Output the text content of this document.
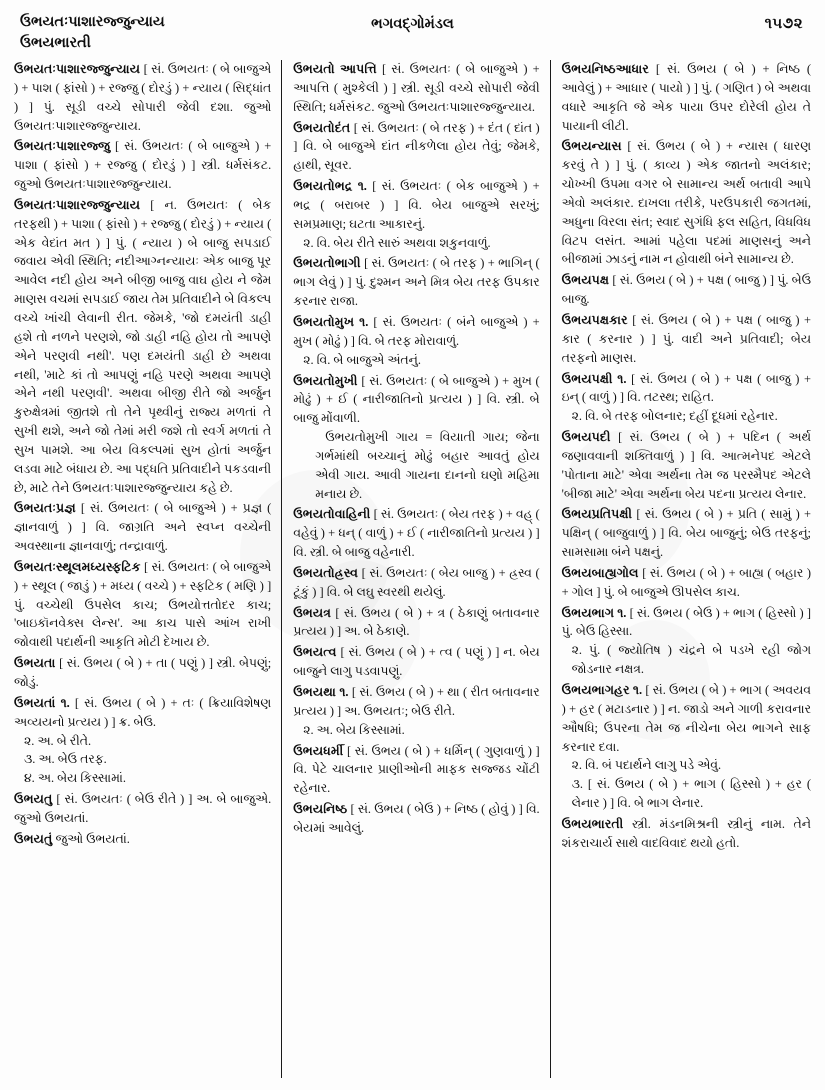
ઉભયતઃપાશારજ્જુન્યાય
ઉભયભારતી
ભગવદ્ગોમંડલ	૧૫૭૨

ઉભયતઃપાશારજ્જુન્યાય [ સં. ઉભયતઃ ( બે બાજુએ ) + પાશ ( ફાંસો ) + રજ્જુ ( દોરડું ) + ન્યાય ( સિદ્ધાંત ) ] પું. સૂડી વચ્ચે સોપારી જેવી દશા. જુઓ ઉભયતઃપાશારજ્જુન્યાય.

ઉભયતઃપાશારજ્જુ [ સં. ઉભયતઃ ( બે બાજુએ ) + પાશા ( ફાંસો ) + રજ્જુ ( દોરડું ) ] સ્ત્રી. ધર્મસંકટ. જુઓ ઉભયતઃપાશારજ્જુન્યાય.

ઉભયતઃપાશારજ્જુન્યાય [ ન. ઉભયતઃ ( બેક તરફથી ) + પાશા ( ફાંસો ) + રજ્જુ ( દોરડું ) + ન્યાય ( એક વેદાંત મત ) ] પું. ( ન્યાય ) બે બાજુ સપડાઈ જવાય એવી સ્થિતિ; નદીઆગ્નન્યાયઃ એક બાજુ પૂર આવેલ નદી હોય અને બીજી બાજુ વાઘ હોય ને જેમ માણસ વચમાં સપડાઈ જાય તેમ પ્રતિવાદીને બે વિકલ્પ વચ્ચે ખાંચી લેવાની રીત. જેમકે, 'જો દમયંતી ડાહી હશે તો નળને પરણશે, જો ડાહી નહિ હોય તો આપણે એને પરણવી નથી'. પણ દમયંતી ડાહી છે અથવા નથી, 'માટે કાં તો આપણું નહિ પરણે અથવા આપણે એને નથી પરણવી'. અથવા બીજી રીતે જો અર્જુન કુરુક્ષેત્રમાં જીતશે તો તેને પૃથ્વીનું રાજ્ય મળતાં તે સુખી થશે, અને જો તેમાં મરી જશે તો સ્વર્ગ મળતાં તે સુખ પામશે. આ બેય વિકલ્પમાં સુખ હોતાં અર્જુન લડવા માટે બંધાય છે. આ પદ્ધતિ પ્રતિવાદીને પકડવાની છે, માટે તેને ઉભયતઃપાશારજ્જુન્યાય કહે છે.

ઉભયતઃપ્રજ્ઞ [ સં. ઉભયતઃ ( બે બાજુએ ) + પ્રજ્ઞ ( જ્ઞાનવાળું ) ] વિ. જાગ્રતિ અને સ્વપ્ન વચ્ચેની અવસ્થાના જ્ઞાનવાળું; તન્દ્રાવાળું.

ઉભયતઃસ્થૂલમધ્યસ્ફટિક [ સં. ઉભયતઃ ( બે બાજુએ ) + સ્થૂલ ( જાડું ) + મધ્ય ( વચ્ચે ) + સ્ફટિક ( મણિ ) ] પું. વચ્ચેથી ઉપસેલ કાચ; ઉભયોત્તતોદર કાચ; 'બાઇકૉનવેક્સ લેન્સ'. આ કાચ પાસે આંખ રાખી જોવાથી પદાર્થની આકૃતિ મોટી દેખાય છે.

ઉભયતા [ સં. ઉભય ( બે ) + તા ( પણું ) ] સ્ત્રી. બેપણું; જોડું.

ઉભયતાં ૧. [ સં. ઉભય ( બે ) + તઃ ( ક્રિયાવિશેષણ અવ્યયનો પ્રત્યય ) ] ક્ર. બેઉ.

૨. અ. બે રીતે.

૩. અ. બેઉ તરફ.

૪. અ. બેય કિસ્સામાં.

ઉભયતુ [ સં. ઉભયતઃ ( બેઉ રીતે ) ] અ. બે બાજુએ. જુઓ ઉભયતાં.

ઉભયતું જુઓ ઉભયતાં.

ઉભયતો આપત્તિ [ સં. ઉભયતઃ ( બે બાજુએ ) + આપત્તિ ( મુશ્કેલી ) ] સ્ત્રી. સૂડી વચ્ચે સોપારી જેવી સ્થિતિ; ધર્મસંકટ. જુઓ ઉભયતઃપાશારજ્જુન્યાય.

ઉભયતોદંત [ સં. ઉભયતઃ ( બે તરફ ) + દંત ( દાંત ) ] વિ. બે બાજુએ દાંત નીકળેલા હોય તેવું; જેમકે, હાથી, સૂવર.

ઉભયતોભદ્ર ૧. [ સં. ઉભયતઃ ( બેક બાજુએ ) + ભદ્ર ( બરાબર ) ] વિ. બેય બાજુએ સરખું; સમપ્રમાણ; ઘટતા આકારનું.

૨. વિ. બેય રીતે સારું અથવા શકુનવાળું.

ઉભયતોભાગી [ સં. ઉભયતઃ ( બે તરફ ) + ભાગિન્ ( ભાગ લેવું ) ] પું. દુશ્મન અને મિત્ર બેય તરફ ઉપકાર કરનાર રાજા.

ઉભયતોમુખ ૧. [ સં. ઉભયતઃ ( બંને બાજુએ ) + મુખ ( મોઢું ) ] વિ. બે તરફ મોરાવાળું.

૨. વિ. બે બાજુએ અંતનું.

ઉભયતોમુખી [ સં. ઉભયતઃ ( બે બાજુએ ) + મુખ ( મોઢું ) + ઈ ( નારીજાતિનો પ્રત્યય ) ] વિ. સ્ત્રી. બે બાજુ મોંવાળી.

ઉભયતોમુખી ગાય = વિયાતી ગાય; જેના ગર્ભમાંથી બચ્ચાનું મોઢું બહાર આવતું હોય એવી ગાય. આવી ગાયના દાનનો ઘણો મહિમા મનાય છે.

ઉભયતોવાહિની [ સં. ઉભયતઃ ( બેય તરફ ) + વહ્ ( વહેવું ) + ધન્ ( વાળું ) + ઈ ( નારીજાતિનો પ્રત્યય ) ] વિ. સ્ત્રી. બે બાજુ વહેનારી.

ઉભયતોહ્રસ્વ [ સં. ઉભયતઃ ( બેય બાજુ ) + હ્રસ્વ ( ટૂંકું ) ] વિ. બે લઘુ સ્વરથી થયેલું.

ઉભયત્ર [ સં. ઉભય ( બે ) + ત્ર ( ઠેકાણું બતાવનાર પ્રત્યય ) ] અ. બે ઠેકાણે.

ઉભયત્વ [ સં. ઉભય ( બે ) + ત્વ ( પણું ) ] ન. બેય બાજુને લાગુ પડવાપણું.

ઉભયથા ૧. [ સં. ઉભય ( બે ) + થા ( રીત બતાવનાર પ્રત્યય ) ] અ. ઉભયતઃ; બેઉ રીતે.

૨. અ. બેય કિસ્સામાં.

ઉભયધર્મી [ સં. ઉભય ( બે ) + ધર્મિન્ ( ગુણવાળું ) ] વિ. પેટે ચાલનાર પ્રાણીઓની માફક સજ્જડ ચોંટી રહેનાર.

ઉભયનિષ્ઠ [ સં. ઉભય ( બેઉ ) + નિષ્ઠ ( હોવું ) ] વિ. બેયમાં આવેલું.

ઉભયનિષ્ઠઆધાર [ સં. ઉભય ( બે ) + નિષ્ઠ ( આવેલું ) + આધાર ( પાયો ) ] પું. ( ગણિત ) બે અથવા વધારે આકૃતિ જે એક પાયા ઉપર દોરેલી હોય તે પાયાની લીટી.

ઉભયન્યાસ [ સં. ઉભય ( બે ) + ન્યાસ ( ધારણ કરવું તે ) ] પું. ( કાવ્ય ) એક જાતનો અલંકાર; ચોખ્ખી ઉપમા વગર બે સામાન્ય અર્થ બતાવી આપે એવો અલંકાર. દાખલા તરીકે, પરઉપકારી જગતમાં, અધુના વિરલા સંત; સ્વાદ સુગંધિ ફલ સહિત, વિધવિધ વિટપ લસંત. આમાં પહેલા પદમાં માણસનું અને બીજામાં ઝાડનું નામ ન હોવાથી બંને સામાન્ય છે.

ઉભયપક્ષ [ સં. ઉભય ( બે ) + પક્ષ ( બાજુ ) ] પું. બેઉ બાજુ.

ઉભયપક્ષકાર [ સં. ઉભય ( બે ) + પક્ષ ( બાજુ ) + કાર ( કરનાર ) ] પું. વાદી અને પ્રતિવાદી; બેય તરફનો માણસ.

ઉભયપક્ષી ૧. [ સં. ઉભય ( બે ) + પક્ષ ( બાજુ ) + ઇન્ ( વાળું ) ] વિ. તટસ્થ; રાહિત.

૨. વિ. બે તરફ બોલનાર; દહીં દૂધમાં રહેનાર.

ઉભયપદી [ સં. ઉભય ( બે ) + પદિન ( અર્થ જણાવવાની શક્તિવાળું ) ] વિ. આત્મનેપદ એટલે 'પોતાના માટે' એવા અર્થના તેમ જ પરસ્મૈપદ એટલે 'બીજા માટે' એવા અર્થના બેય પદના પ્રત્યય લેનાર.

ઉભયપ્રતિપક્ષી [ સં. ઉભય ( બે ) + પ્રતિ ( સામું ) + પક્ષિન્ ( બાજુવાળું ) ] વિ. બેય બાજુનું; બેઉ તરફનું; સામસામા બંને પક્ષનું.

ઉભયબાહ્યગોલ [ સં. ઉભય ( બે ) + બાહ્ય ( બહાર ) + ગોલ ] પું. બે બાજુએ ઊપસેલ કાચ.

ઉભયભાગ ૧. [ સં. ઉભય ( બેઉ ) + ભાગ ( હિસ્સો ) ] પું. બેઉ હિસ્સા.

૨. પું. ( જ્યોતિષ ) ચંદ્રને બે પડખે રહી જોગ જોડનાર નક્ષત્ર.

ઉભયભાગહર ૧. [ સં. ઉભય ( બે ) + ભાગ ( અવયવ ) + હર ( મટાડનાર ) ] ન. જાડો અને ગાળી કરાવનાર ઔષધિ; ઉપરના તેમ જ નીચેના બેય ભાગને સાફ કરનાર દવા.

૨. વિ. બં પદાર્થને લાગુ પડે એવું.

૩. [ સં. ઉભય ( બે ) + ભાગ ( હિસ્સો ) + હર ( લેનાર ) ] વિ. બે ભાગ લેનાર.

ઉભયભારતી સ્ત્રી. મંડનમિશ્રની સ્ત્રીનું નામ. તેને શંકરાચાર્ય સાથે વાદવિવાદ થયો હતો.
